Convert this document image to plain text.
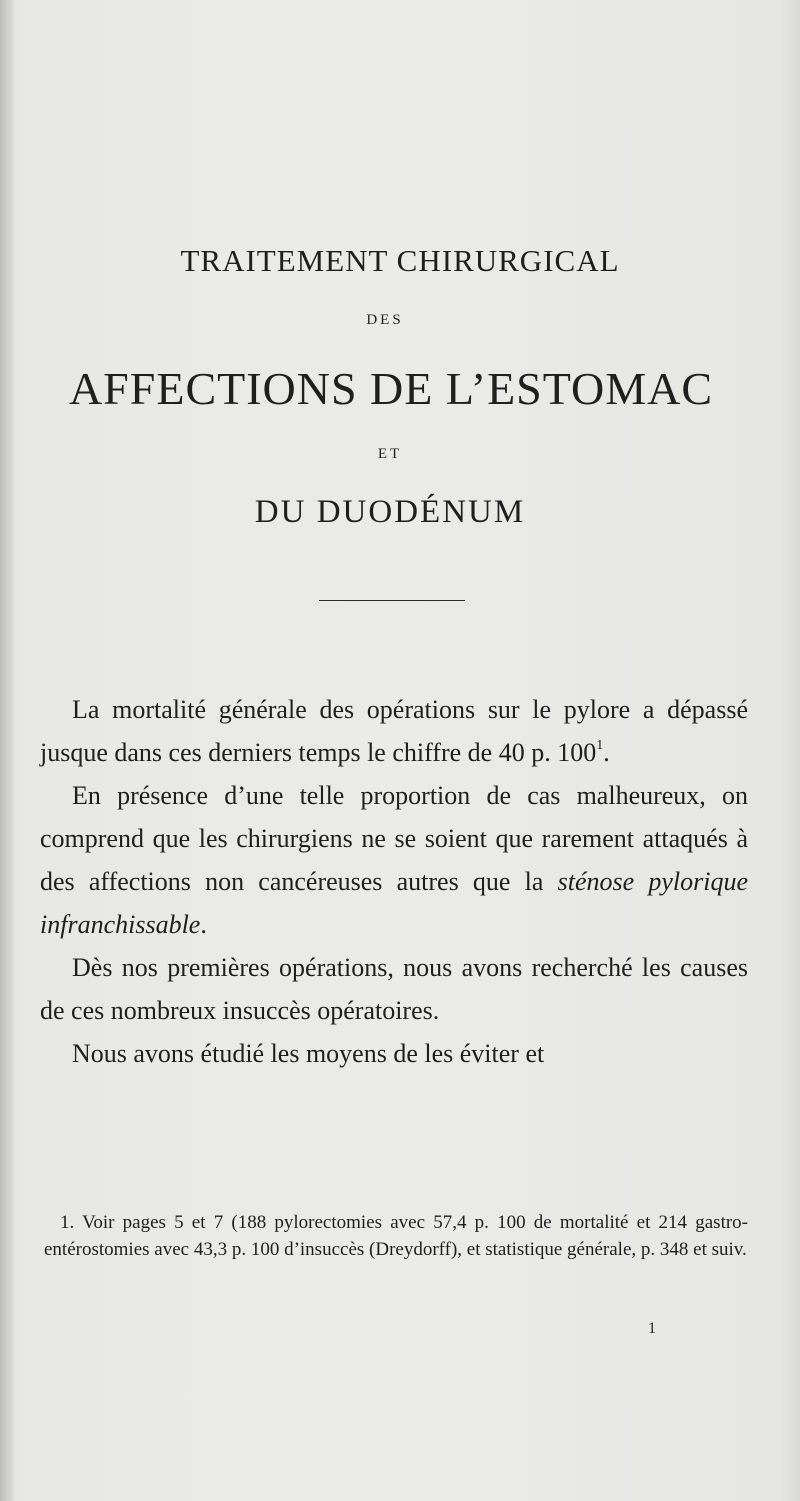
TRAITEMENT CHIRURGICAL
DES
AFFECTIONS DE L’ESTOMAC
ET
DU DUODÉNUM

La mortalité générale des opérations sur le pylore a dépassé jusque dans ces derniers temps le chiffre de 40 p. $100^1$.

En présence d’une telle proportion de cas malheureux, on comprend que les chirurgiens ne se soient que rarement attaqués à des affections non cancéreuses autres que la sténose pylorique infranchissable.

Dès nos premières opérations, nous avons recherché les causes de ces nombreux insuccès opératoires.

Nous avons étudié les moyens de les éviter et

1. Voir pages 5 et 7 (188 pylorectomies avec 57,4 p. 100 de mortalité et 214 gastro-entérostomies avec 43,3 p. 100 d’insuccès (Dreydorff), et statistique générale, p. 348 et suiv.

1
